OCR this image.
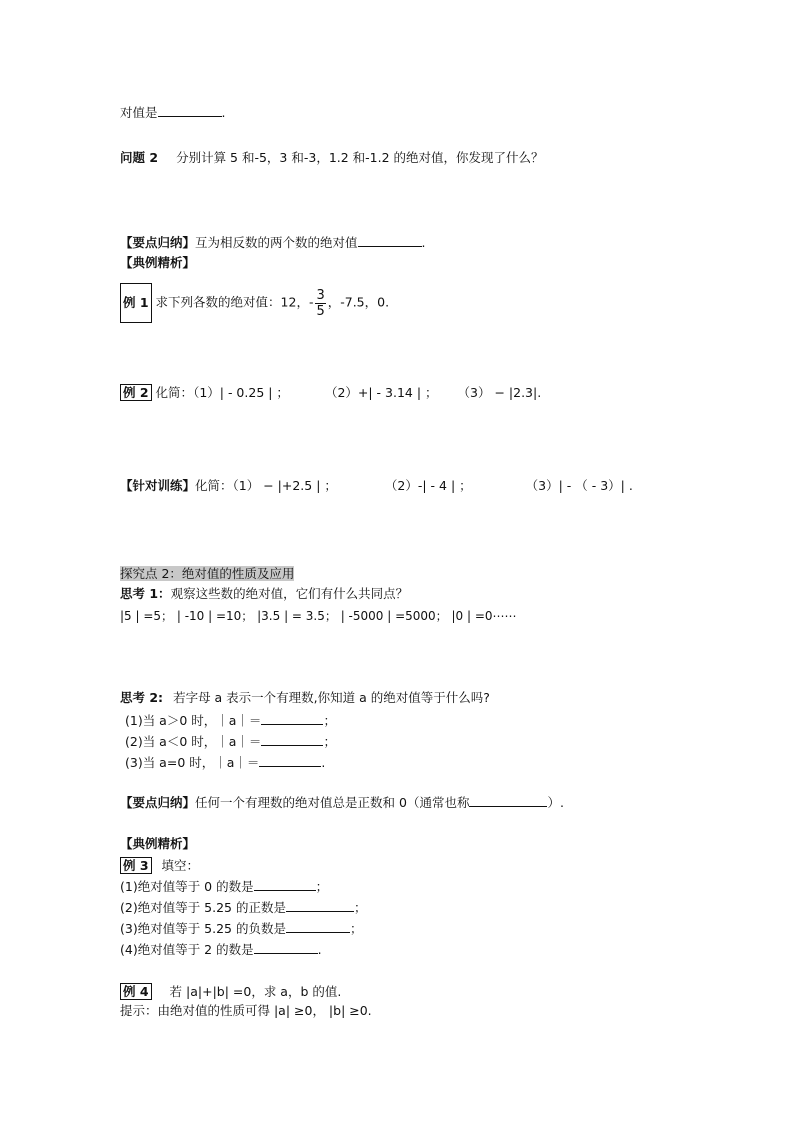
对值是	.
问题 2 分别计算 5 和-5，3 和-3，1.2 和-1.2 的绝对值，你发现了什么？
【要点归纳】互为相反数的两个数的绝对值	.
【典例精析】
例 1 求下列各数的绝对值：12，- $\frac{3}{5}$ ，-7.5，0.
例 2 化简：（1）| - 0.25 | ；	（2）+| - 3.14 | ； （3） − |2.3|.
【针对训练】化简：（1） − |+2.5 | ；	（2）-| - 4 | ；	（3）| - （ - 3）| .
探究点 2：绝对值的性质及应用
思考 1：观察这些数的绝对值，它们有什么共同点？
|5 | =5； | -10 | =10； |3.5 | = 3.5； | -5000 | =5000； |0 | =0⋯⋯
思考 2: 若字母 a 表示一个有理数,你知道 a 的绝对值等于什么吗?
(1)当 a＞0 时，｜a｜＝	；
(2)当 a＜0 时，｜a｜＝	；
(3)当 a=0 时，｜a｜＝	.
【要点归纳】任何一个有理数的绝对值总是正数和 0（通常也称	）.
【典例精析】
例 3 填空：
(1)绝对值等于 0 的数是	；
(2)绝对值等于 5.25 的正数是	；
(3)绝对值等于 5.25 的负数是	；
(4)绝对值等于 2 的数是	.
例 4 若 |a|+|b| =0，求 a，b 的值.
提示：由绝对值的性质可得 |a| ≥0， |b| ≥0.
